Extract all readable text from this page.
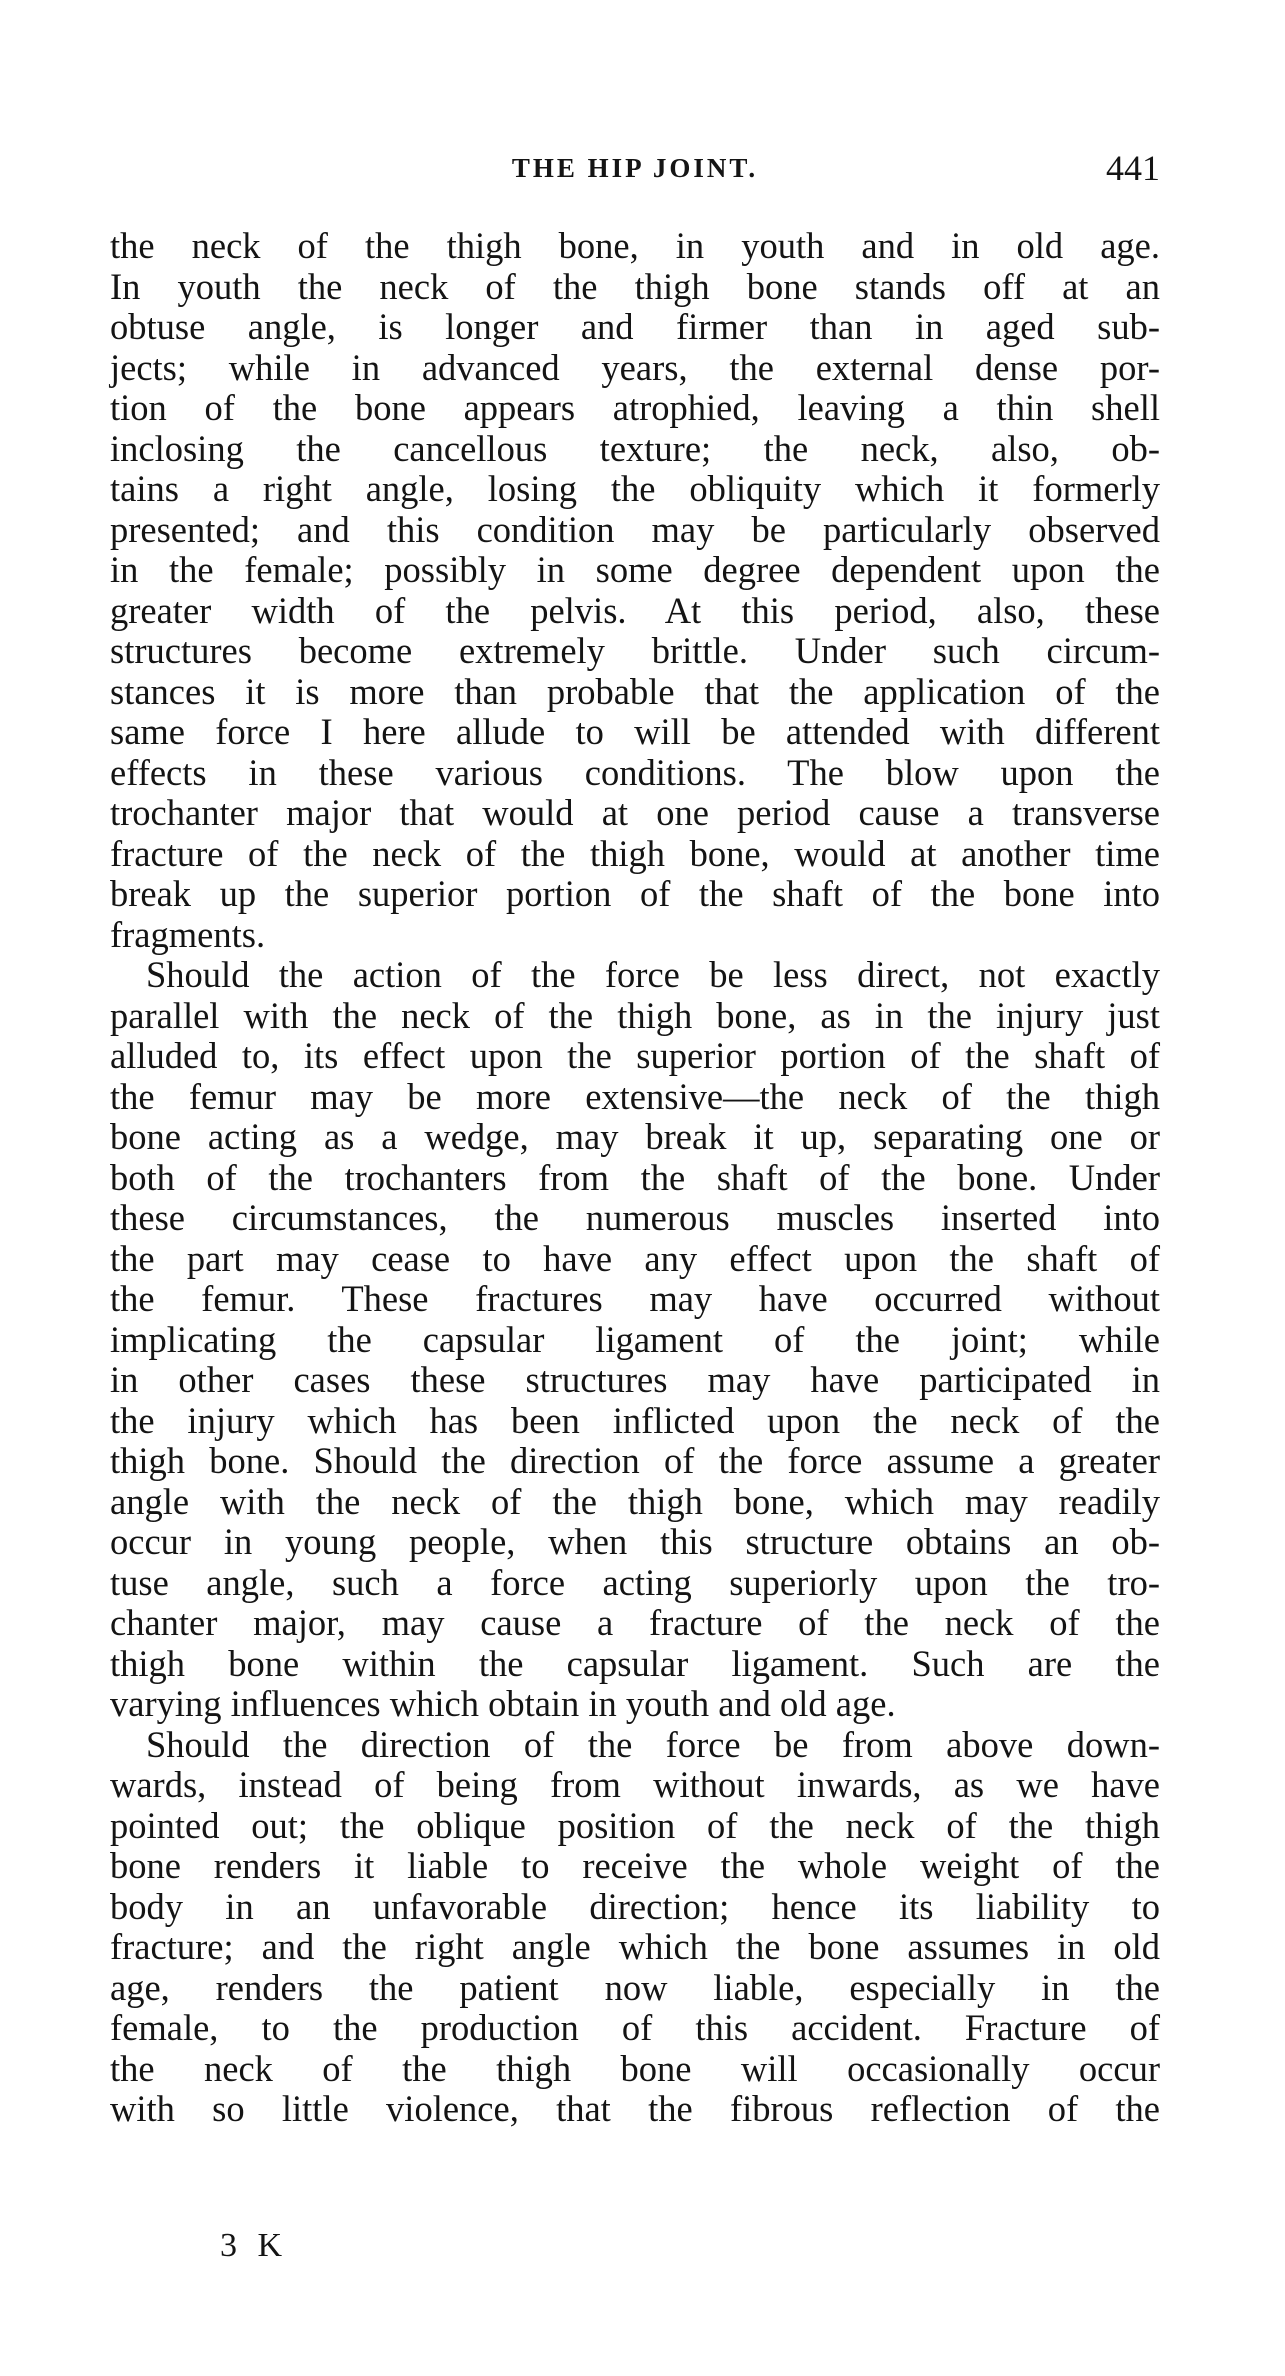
THE HIP JOINT.	441
the neck of the thigh bone, in youth and in old age.
In youth the neck of the thigh bone stands off at an
obtuse angle, is longer and firmer than in aged sub-
jects; while in advanced years, the external dense por-
tion of the bone appears atrophied, leaving a thin shell
inclosing the cancellous texture; the neck, also, ob-
tains a right angle, losing the obliquity which it formerly
presented; and this condition may be particularly observed
in the female; possibly in some degree dependent upon the
greater width of the pelvis. At this period, also, these
structures become extremely brittle. Under such circum-
stances it is more than probable that the application of the
same force I here allude to will be attended with different
effects in these various conditions. The blow upon the
trochanter major that would at one period cause a transverse
fracture of the neck of the thigh bone, would at another time
break up the superior portion of the shaft of the bone into
fragments.
Should the action of the force be less direct, not exactly
parallel with the neck of the thigh bone, as in the injury just
alluded to, its effect upon the superior portion of the shaft of
the femur may be more extensive—the neck of the thigh
bone acting as a wedge, may break it up, separating one or
both of the trochanters from the shaft of the bone. Under
these circumstances, the numerous muscles inserted into
the part may cease to have any effect upon the shaft of
the femur. These fractures may have occurred without
implicating the capsular ligament of the joint; while
in other cases these structures may have participated in
the injury which has been inflicted upon the neck of the
thigh bone. Should the direction of the force assume a greater
angle with the neck of the thigh bone, which may readily
occur in young people, when this structure obtains an ob-
tuse angle, such a force acting superiorly upon the tro-
chanter major, may cause a fracture of the neck of the
thigh bone within the capsular ligament. Such are the
varying influences which obtain in youth and old age.
Should the direction of the force be from above down-
wards, instead of being from without inwards, as we have
pointed out; the oblique position of the neck of the thigh
bone renders it liable to receive the whole weight of the
body in an unfavorable direction; hence its liability to
fracture; and the right angle which the bone assumes in old
age, renders the patient now liable, especially in the
female, to the production of this accident. Fracture of
the neck of the thigh bone will occasionally occur
with so little violence, that the fibrous reflection of the
3 K
